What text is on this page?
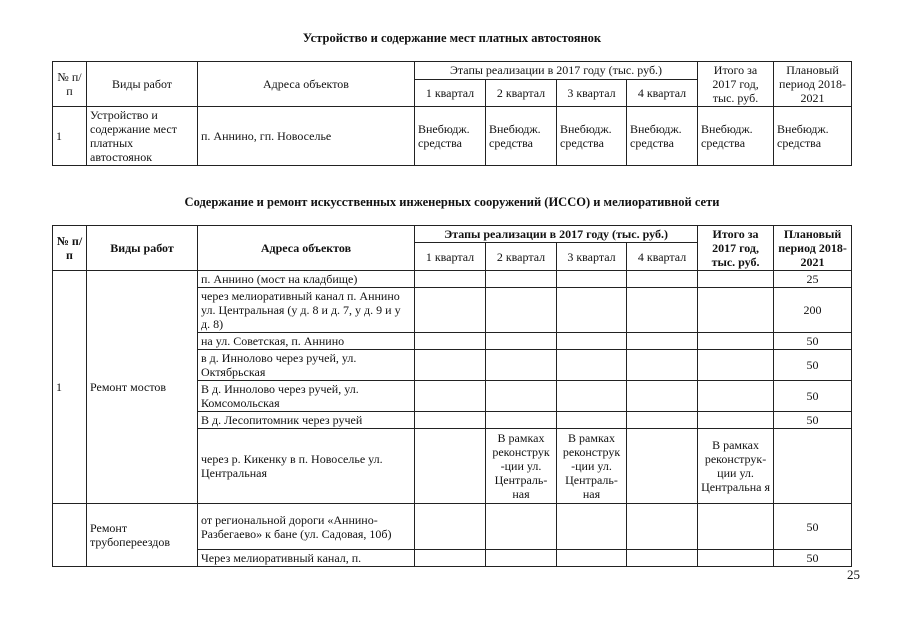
Устройство и содержание мест платных автостоянок
№ п/п	Виды работ	Адреса объектов	Этапы реализации в 2017 году (тыс. руб.)				Итого за 2017 год, тыс. руб.	Плановый период 2018-2021
			1 квартал	2 квартал	3 квартал	4 квартал		
1	Устройство и содержание мест платных автостоянок	п. Аннино, гп. Новоселье	Внебюдж. средства	Внебюдж. средства	Внебюдж. средства	Внебюдж. средства	Внебюдж. средства	Внебюдж. средства
Содержание и ремонт искусственных инженерных сооружений (ИССО) и мелиоративной сети
№ п/п	Виды работ	Адреса объектов	Этапы реализации в 2017 году (тыс. руб.)				Итого за 2017 год, тыс. руб.	Плановый период 2018-2021
			1 квартал	2 квартал	3 квартал	4 квартал		
1	Ремонт мостов	п. Аннино (мост на кладбище)						25
		через мелиоративный канал п. Аннино ул. Центральная (у д. 8 и д. 7, у д. 9 и у д. 8)						200
		на ул. Советская, п. Аннино						50
		в д. Иннолово через ручей, ул. Октябрьская						50
		В д. Иннолово через ручей, ул. Комсомольская						50
		В д. Лесопитомник через ручей						50
		через р. Кикенку в п. Новоселье ул. Центральная		В рамках реконструк -ции ул. Централь- ная	В рамках реконструк -ции ул. Централь- ная		В рамках реконструк- ции ул. Центральна я	
	Ремонт трубопереездов	от региональной дороги «Аннино- Разбегаево» к бане (ул. Садовая, 10б)						50
		Через мелиоративный канал, п.						50
25
